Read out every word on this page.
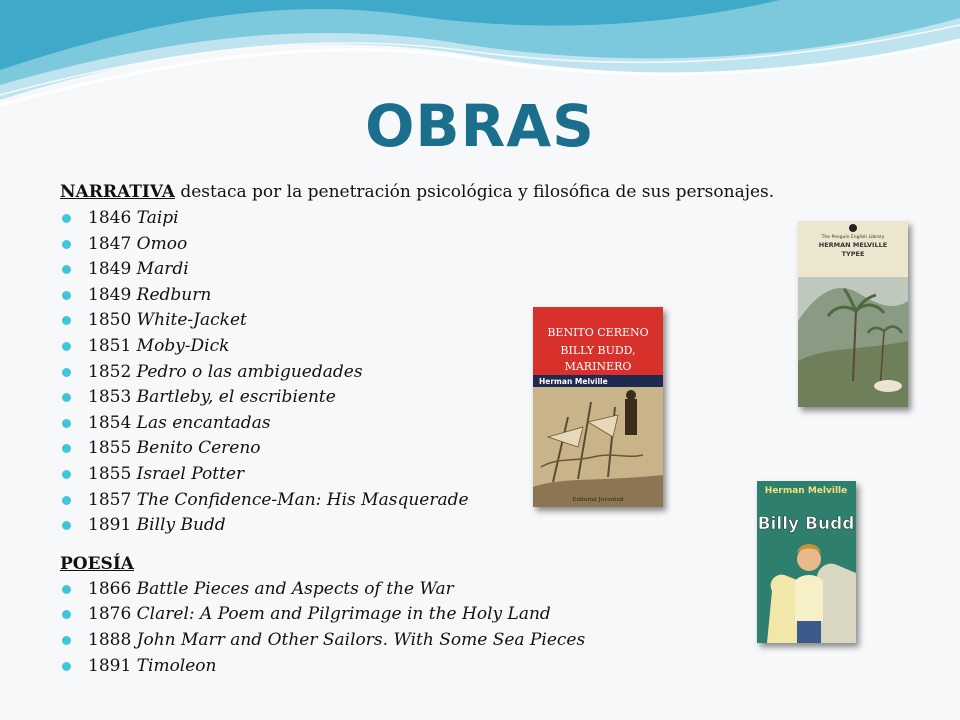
OBRAS

NARRATIVA destaca por la penetración psicológica y filosófica de sus personajes.

1846 Taipi
1847 Omoo
1849 Mardi
1849 Redburn
1850 White-Jacket
1851 Moby-Dick
1852 Pedro o las ambiguedades
1853 Bartleby, el escribiente
1854 Las encantadas
1855 Benito Cereno
1855 Israel Potter
1857 The Confidence-Man: His Masquerade
1891 Billy Budd
POESÍA
1866 Battle Pieces and Aspects of the War
1876 Clarel: A Poem and Pilgrimage in the Holy Land
1888 John Marr and Other Sailors. With Some Sea Pieces
1891 Timoleon
The Penguin English Library
HERMAN MELVILLE
TYPEE
BENITO CERENO
BILLY BUDD,
MARINERO
Herman Melville
Editorial Juventud
Herman Melville
Billy Budd
